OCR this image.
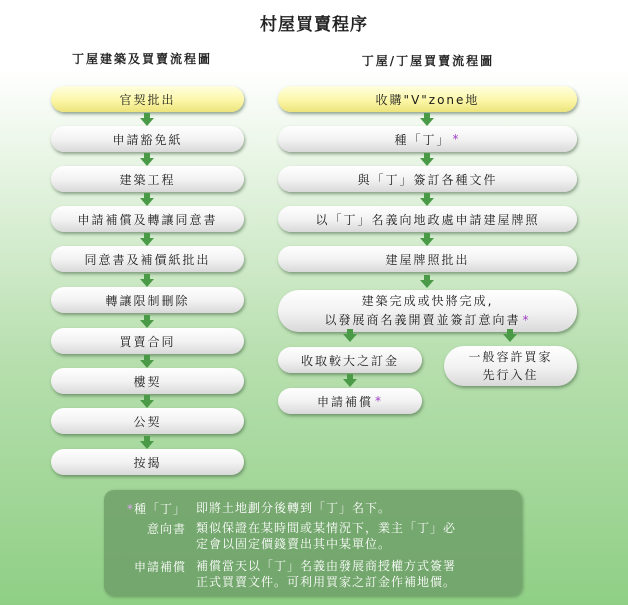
村屋買賣程序
丁屋建築及買賣流程圖	丁屋/丁屋買賣流程圖
官契批出
申請豁免紙
建築工程
申請補償及轉讓同意書
同意書及補價紙批出
轉讓限制刪除
買賣合同
樓契
公契
按揭
收購"V"zone地
種「丁」 *
與「丁」簽訂各種文件
以「丁」名義向地政處申請建屋牌照
建屋牌照批出
建築完成或快將完成,
以發展商名義開賣並簽訂意向書 *
收取較大之訂金
申請補償 *
一般容許買家
先行入住
*種「丁」 即將土地劃分後轉到「丁」名下。
意向書 類似保證在某時間或某情況下，業主「丁」必
定會以固定價錢賣出其中某單位。
申請補償 補償當天以「丁」名義由發展商授權方式簽署
正式買賣文件。可利用買家之訂金作補地價。
